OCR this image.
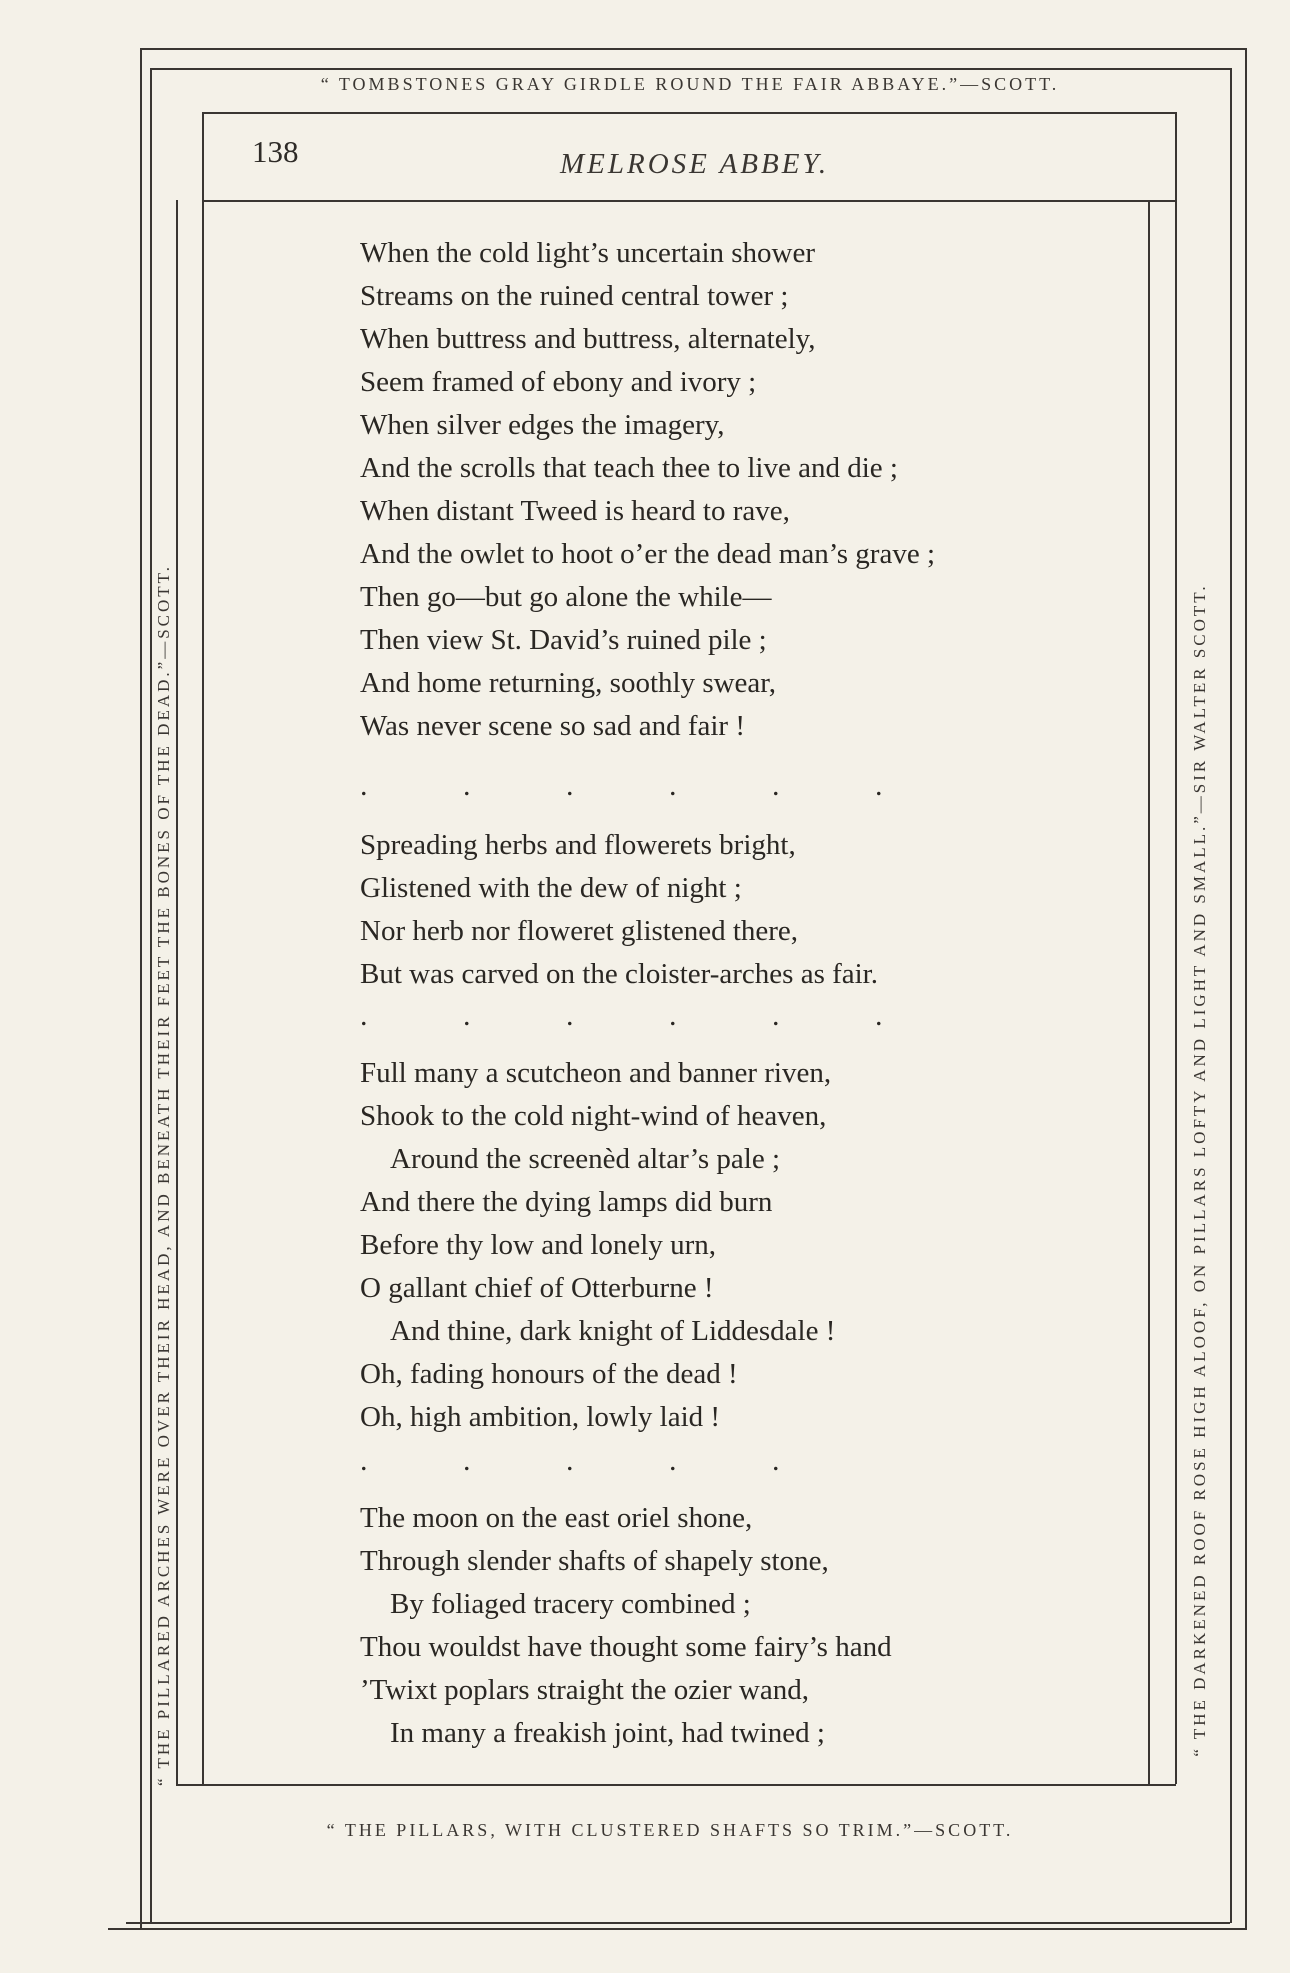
“ TOMBSTONES GRAY GIRDLE ROUND THE FAIR ABBAYE.”—SCOTT.
“ THE PILLARS, WITH CLUSTERED SHAFTS SO TRIM.”—SCOTT.
“ THE PILLARED ARCHES WERE OVER THEIR HEAD, AND BENEATH THEIR FEET THE BONES OF THE DEAD.”—SCOTT.	“ THE DARKENED ROOF ROSE HIGH ALOOF, ON PILLARS LOFTY AND LIGHT AND SMALL.”—SIR WALTER SCOTT.
138	MELROSE ABBEY.
When the cold light’s uncertain shower
Streams on the ruined central tower ;
When buttress and buttress, alternately,
Seem framed of ebony and ivory ;
When silver edges the imagery,
And the scrolls that teach thee to live and die ;
When distant Tweed is heard to rave,
And the owlet to hoot o’er the dead man’s grave ;
Then go—but go alone the while—
Then view St. David’s ruined pile ;
And home returning, soothly swear,
Was never scene so sad and fair !
. . . . . .
Spreading herbs and flowerets bright,
Glistened with the dew of night ;
Nor herb nor floweret glistened there,
But was carved on the cloister-arches as fair.
. . . . . .
Full many a scutcheon and banner riven,
Shook to the cold night-wind of heaven,
Around the screenèd altar’s pale ;
And there the dying lamps did burn
Before thy low and lonely urn,
O gallant chief of Otterburne !
And thine, dark knight of Liddesdale !
Oh, fading honours of the dead !
Oh, high ambition, lowly laid !
. . . . .
The moon on the east oriel shone,
Through slender shafts of shapely stone,
By foliaged tracery combined ;
Thou wouldst have thought some fairy’s hand
’Twixt poplars straight the ozier wand,
In many a freakish joint, had twined ;
